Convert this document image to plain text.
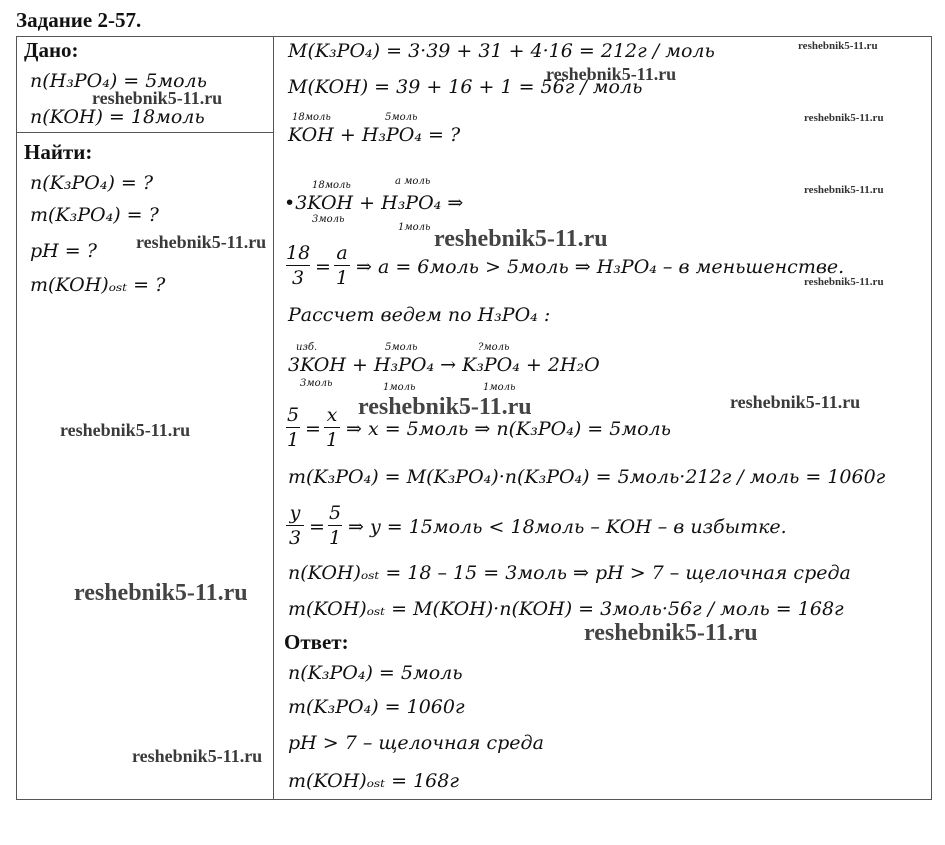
Задание 2-57.
Дано:
n(H₃PO₄) = 5моль
n(KOH) = 18моль
Найти:
n(K₃PO₄) = ?
m(K₃PO₄) = ?
pH = ?
m(KOH)ₒₛₜ = ?
M(K₃PO₄) = 3·39 + 31 + 4·16 = 212г / моль
M(KOH) = 39 + 16 + 1 = 56г / моль
18моль	5моль
KOH + H₃PO₄ = ?
18моль	a моль
•3KOH + H₃PO₄ ⇒
3моль
1моль
18
3 =
a
1 ⇒ a = 6моль > 5моль ⇒ H₃PO₄ – в меньшенстве.
Рассчет ведем по H₃PO₄ :
изб.	5моль	?моль
3KOH + H₃PO₄ → K₃PO₄ + 2H₂O
3моль	1моль	1моль
5
1 =
x
1 ⇒ x = 5моль ⇒ n(K₃PO₄) = 5моль
m(K₃PO₄) = M(K₃PO₄)·n(K₃PO₄) = 5моль·212г / моль = 1060г
y
3 =
5
1 ⇒ y = 15моль < 18моль – KOH – в избытке.
n(KOH)ₒₛₜ = 18 – 15 = 3моль ⇒ pH > 7 – щелочная среда
m(KOH)ₒₛₜ = M(KOH)·n(KOH) = 3моль·56г / моль = 168г
Ответ:
n(K₃PO₄) = 5моль
m(K₃PO₄) = 1060г
pH > 7 – щелочная среда
m(KOH)ₒₛₜ = 168г
reshebnik5-11.ru
reshebnik5-11.ru
reshebnik5-11.ru
reshebnik5-11.ru
reshebnik5-11.ru
reshebnik5-11.ru
reshebnik5-11.ru
reshebnik5-11.ru	reshebnik5-11.ru
reshebnik5-11.ru
reshebnik5-11.ru
reshebnik5-11.ru
reshebnik5-11.ru
reshebnik5-11.ru
